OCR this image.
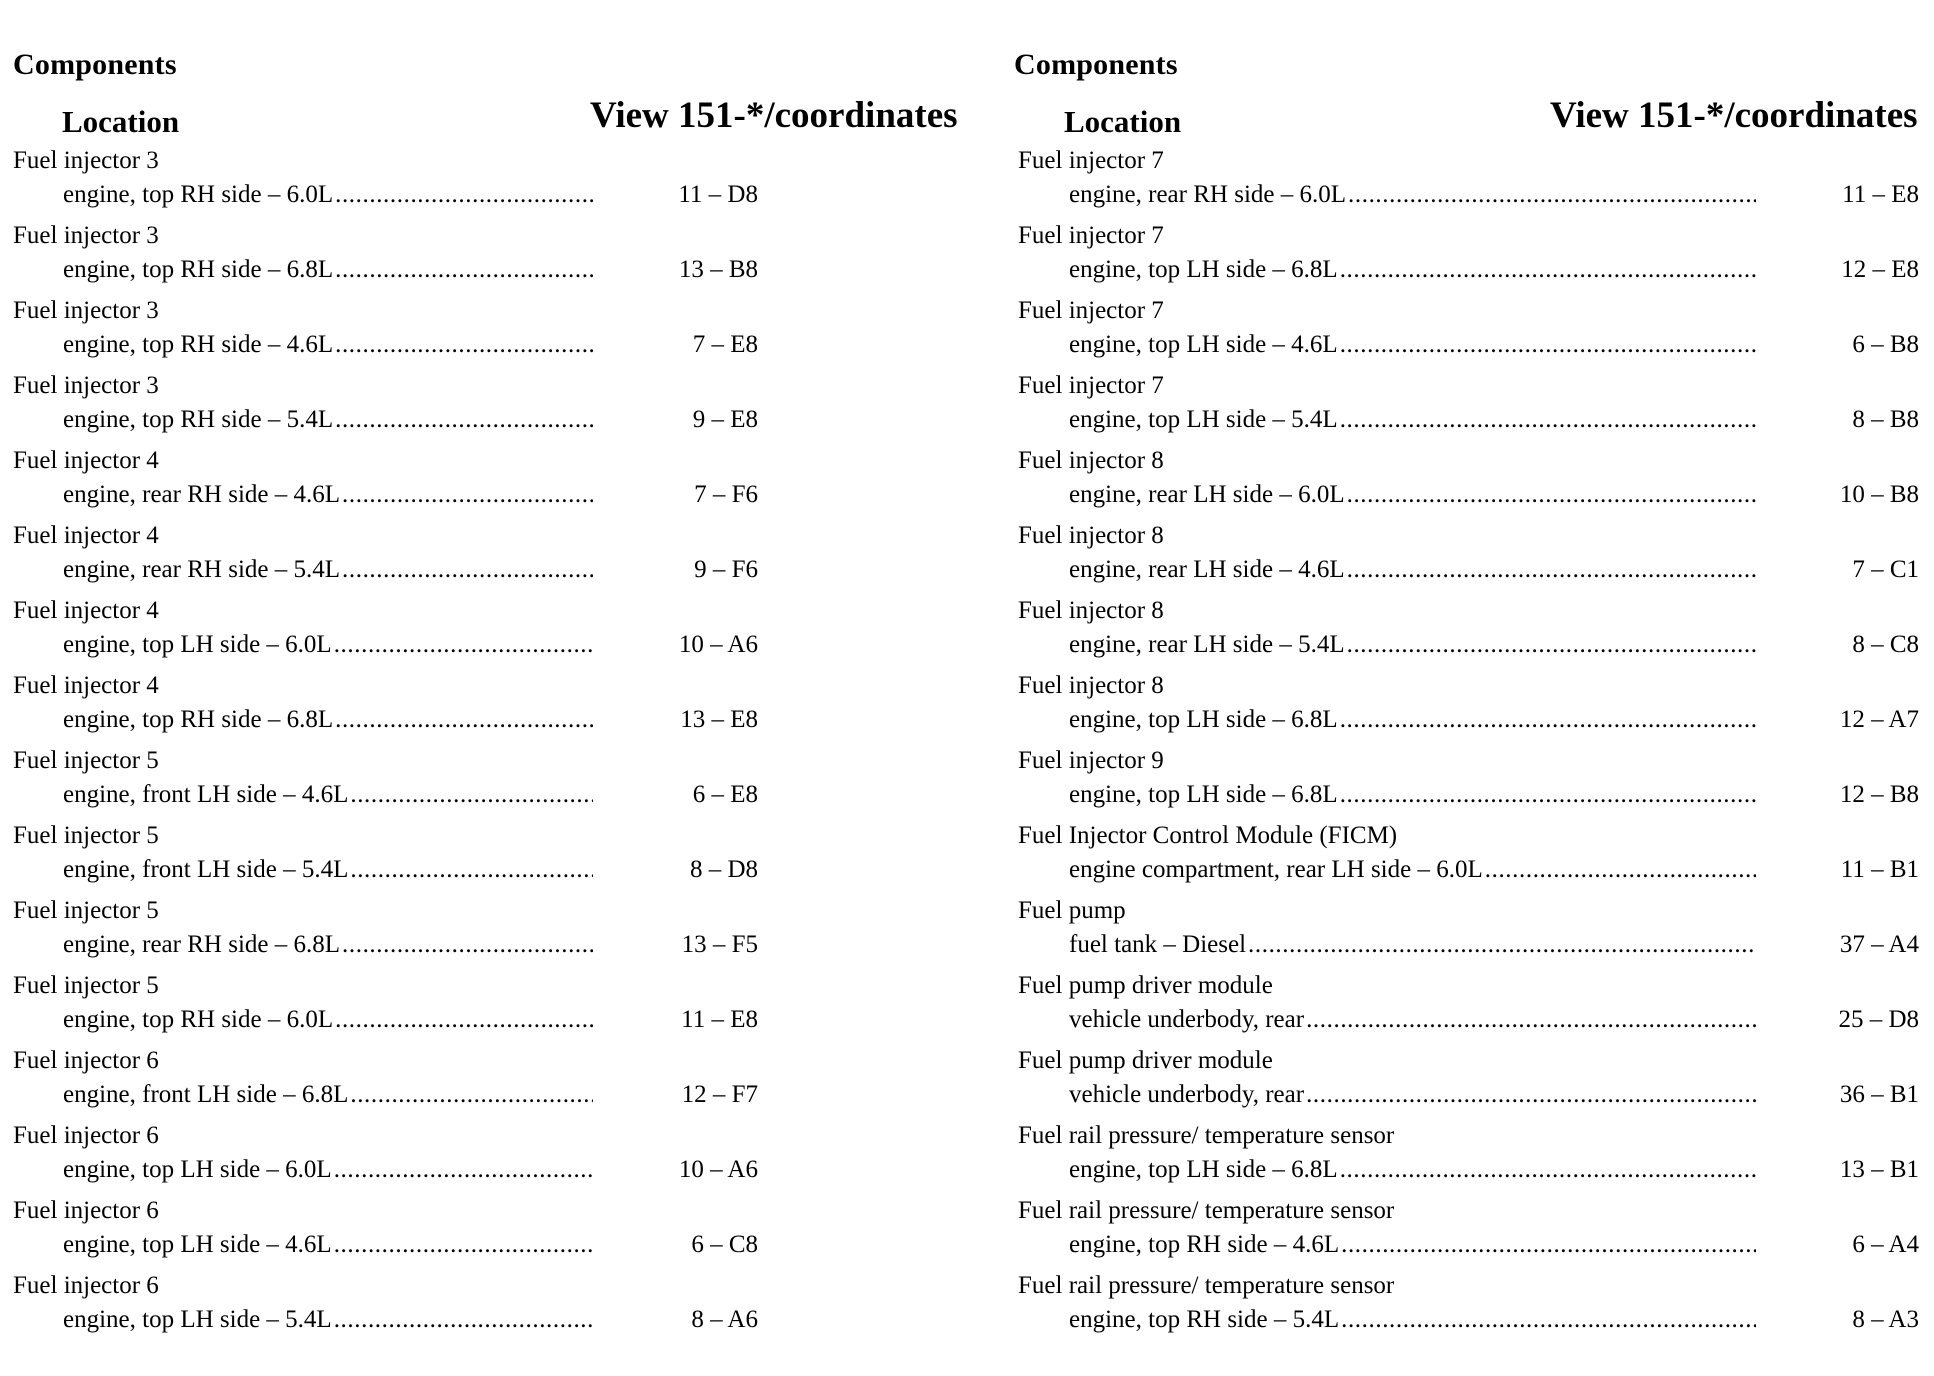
Components
Location	View 151-*/coordinates
Fuel injector 3
engine, top RH side – 6.0L .....	11 – D8
Fuel injector 3
engine, top RH side – 6.8L .....	13 – B8
Fuel injector 3
engine, top RH side – 4.6L .....	7 – E8
Fuel injector 3
engine, top RH side – 5.4L .....	9 – E8
Fuel injector 4
engine, rear RH side – 4.6L .....	7 – F6
Fuel injector 4
engine, rear RH side – 5.4L .....	9 – F6
Fuel injector 4
engine, top LH side – 6.0L .....	10 – A6
Fuel injector 4
engine, top RH side – 6.8L .....	13 – E8
Fuel injector 5
engine, front LH side – 4.6L .....	6 – E8
Fuel injector 5
engine, front LH side – 5.4L .....	8 – D8
Fuel injector 5
engine, rear RH side – 6.8L .....	13 – F5
Fuel injector 5
engine, top RH side – 6.0L .....	11 – E8
Fuel injector 6
engine, front LH side – 6.8L .....	12 – F7
Fuel injector 6
engine, top LH side – 6.0L .....	10 – A6
Fuel injector 6
engine, top LH side – 4.6L .....	6 – C8
Fuel injector 6
engine, top LH side – 5.4L .....	8 – A6
Components
Location	View 151-*/coordinates
Fuel injector 7
engine, rear RH side – 6.0L .....	11 – E8
Fuel injector 7
engine, top LH side – 6.8L .....	12 – E8
Fuel injector 7
engine, top LH side – 4.6L .....	6 – B8
Fuel injector 7
engine, top LH side – 5.4L .....	8 – B8
Fuel injector 8
engine, rear LH side – 6.0L .....	10 – B8
Fuel injector 8
engine, rear LH side – 4.6L .....	7 – C1
Fuel injector 8
engine, rear LH side – 5.4L .....	8 – C8
Fuel injector 8
engine, top LH side – 6.8L .....	12 – A7
Fuel injector 9
engine, top LH side – 6.8L .....	12 – B8
Fuel Injector Control Module (FICM)
engine compartment, rear LH side – 6.0L .....	11 – B1
Fuel pump
fuel tank – Diesel .....	37 – A4
Fuel pump driver module
vehicle underbody, rear .....	25 – D8
Fuel pump driver module
vehicle underbody, rear .....	36 – B1
Fuel rail pressure/ temperature sensor
engine, top LH side – 6.8L .....	13 – B1
Fuel rail pressure/ temperature sensor
engine, top RH side – 4.6L .....	6 – A4
Fuel rail pressure/ temperature sensor
engine, top RH side – 5.4L .....	8 – A3
